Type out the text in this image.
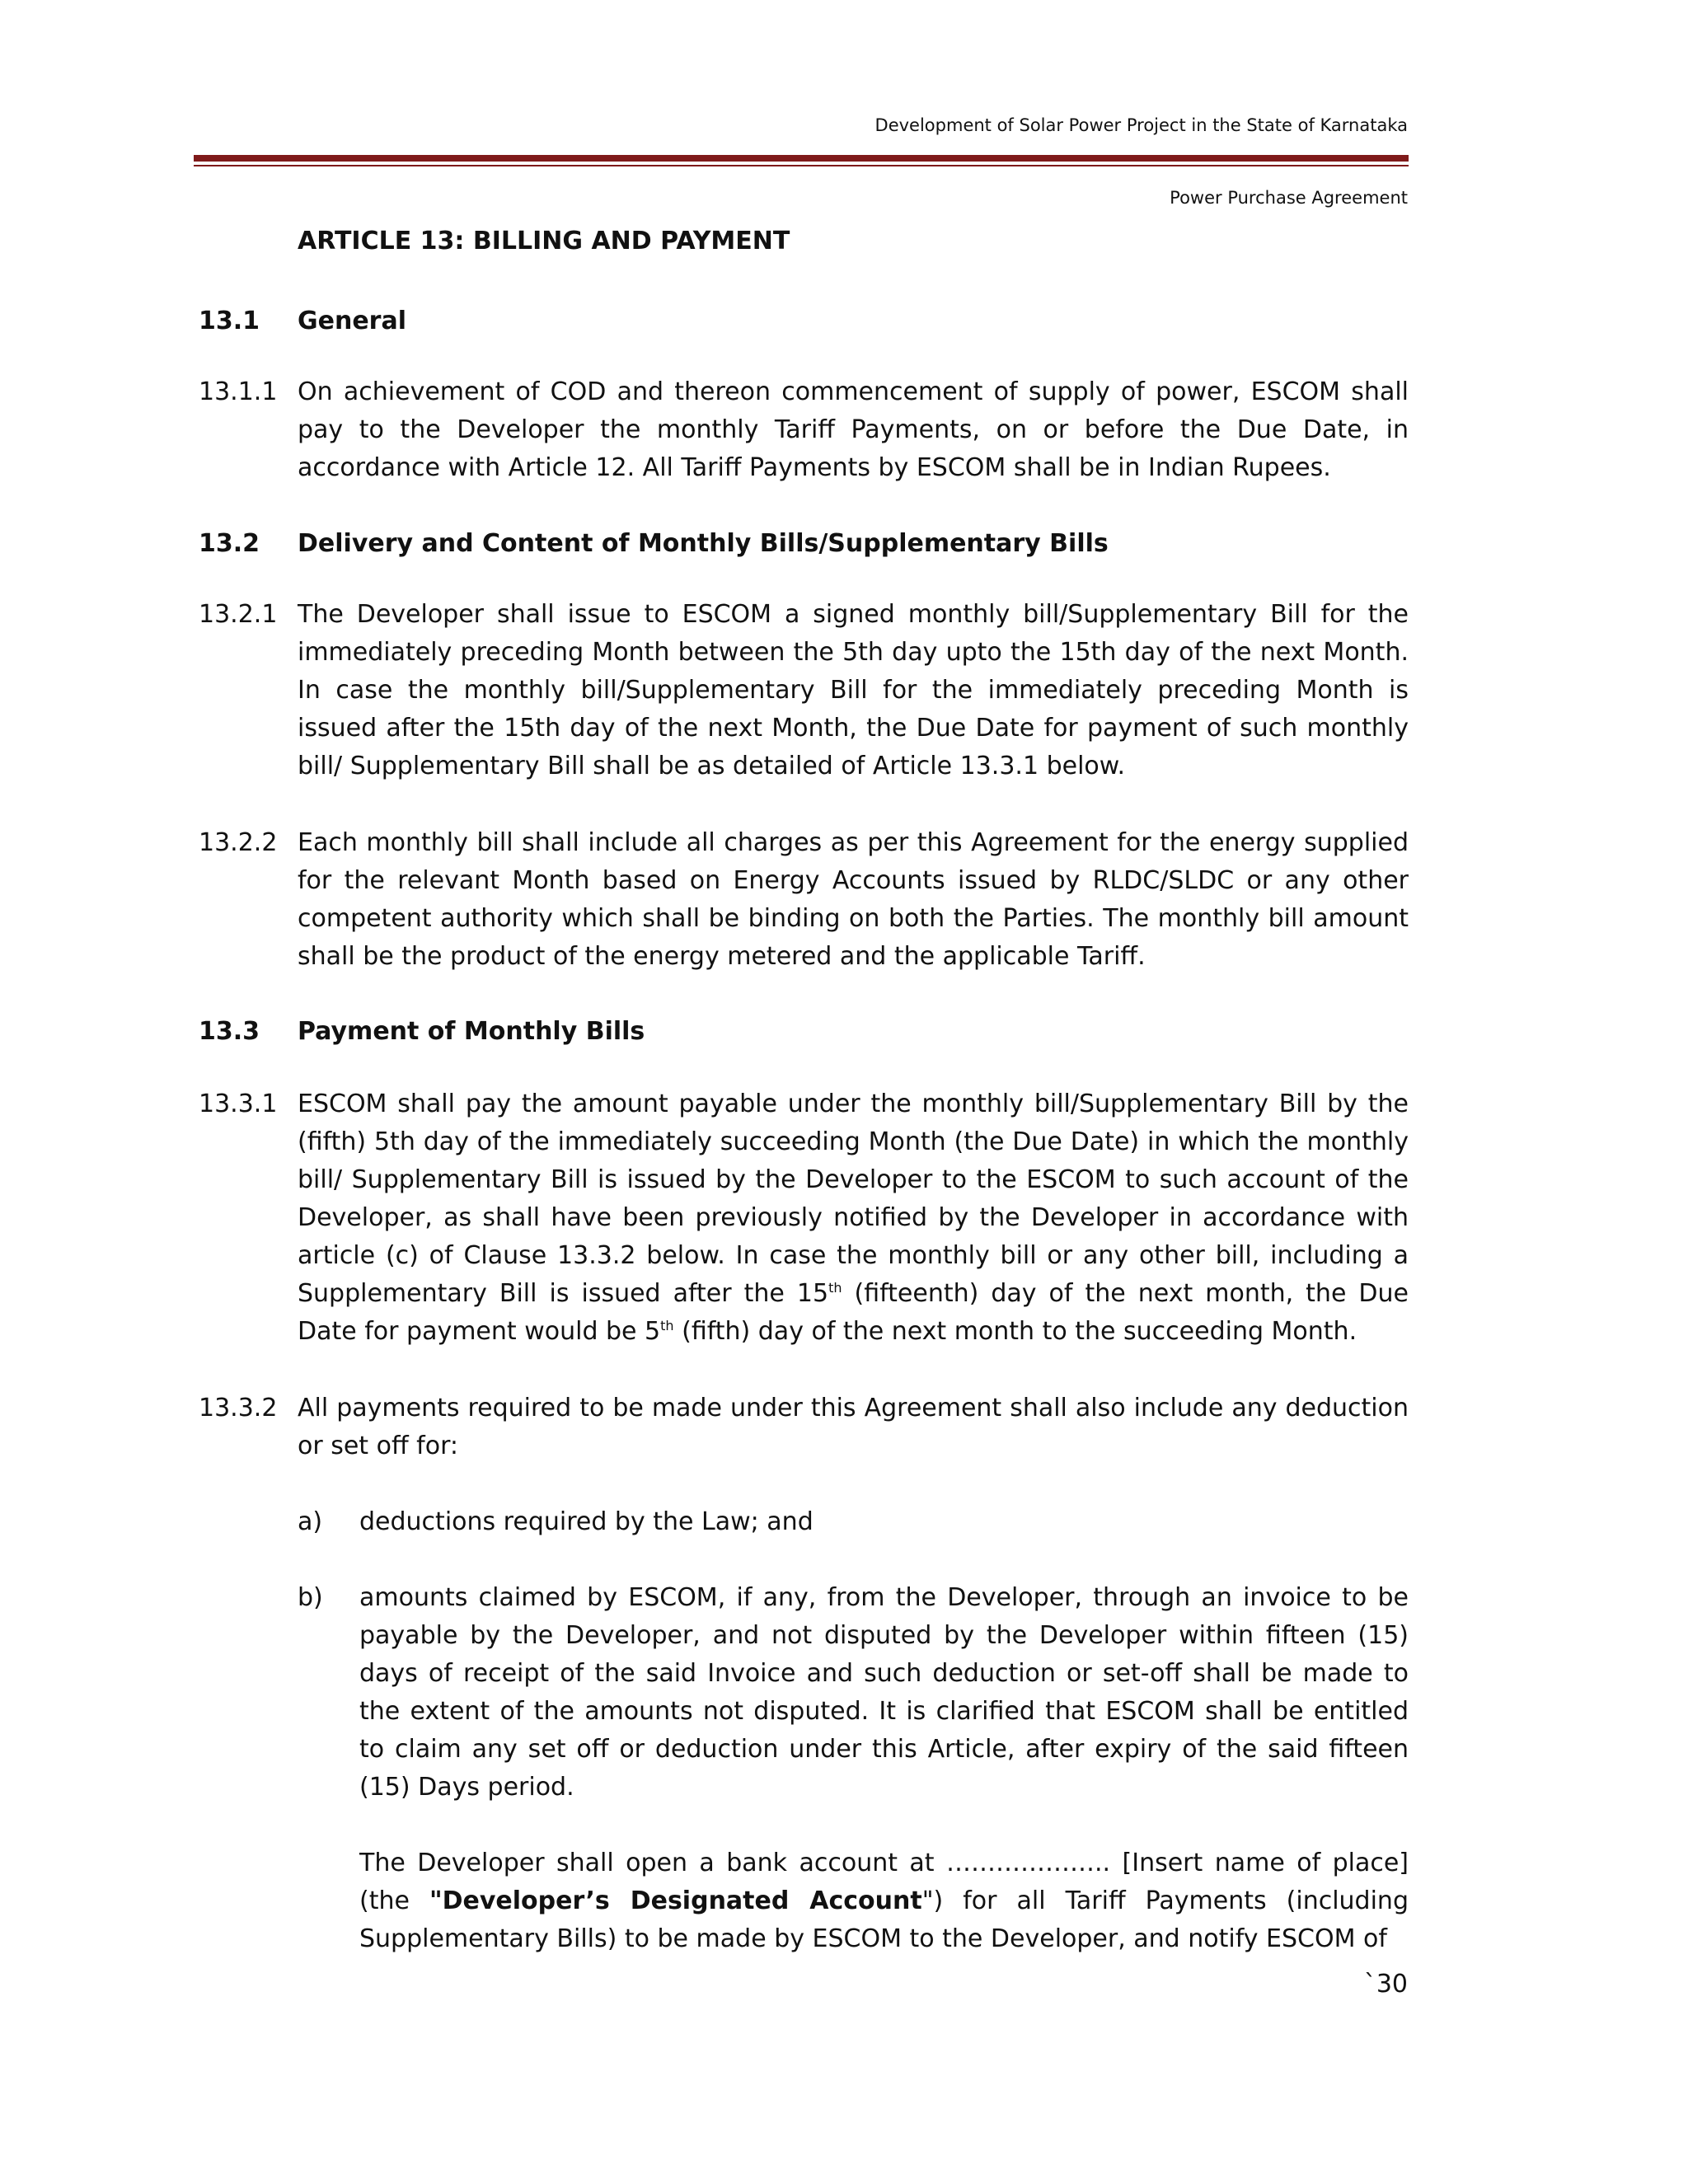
Development of Solar Power Project in the State of Karnataka
Power Purchase Agreement
ARTICLE 13: BILLING AND PAYMENT
13.1 General
13.1.1 On achievement of COD and thereon commencement of supply of power, ESCOM shall pay to the Developer the monthly Tariff Payments, on or before the Due Date, in accordance with Article 12. All Tariff Payments by ESCOM shall be in Indian Rupees.
13.2 Delivery and Content of Monthly Bills/Supplementary Bills
13.2.1 The Developer shall issue to ESCOM a signed monthly bill/Supplementary Bill for the immediately preceding Month between the 5th day upto the 15th day of the next Month. In case the monthly bill/Supplementary Bill for the immediately preceding Month is issued after the 15th day of the next Month, the Due Date for payment of such monthly bill/ Supplementary Bill shall be as detailed of Article 13.3.1 below.
13.2.2 Each monthly bill shall include all charges as per this Agreement for the energy supplied for the relevant Month based on Energy Accounts issued by RLDC/SLDC or any other competent authority which shall be binding on both the Parties. The monthly bill amount shall be the product of the energy metered and the applicable Tariff.
13.3 Payment of Monthly Bills
13.3.1 ESCOM shall pay the amount payable under the monthly bill/Supplementary Bill by the (fifth) 5th day of the immediately succeeding Month (the Due Date) in which the monthly bill/ Supplementary Bill is issued by the Developer to the ESCOM to such account of the Developer, as shall have been previously notified by the Developer in accordance with article (c) of Clause 13.3.2 below. In case the monthly bill or any other bill, including a Supplementary Bill is issued after the 15th (fifteenth) day of the next month, the Due Date for payment would be 5th (fifth) day of the next month to the succeeding Month.
13.3.2 All payments required to be made under this Agreement shall also include any deduction or set off for:
a) deductions required by the Law; and
b) amounts claimed by ESCOM, if any, from the Developer, through an invoice to be payable by the Developer, and not disputed by the Developer within fifteen (15) days of receipt of the said Invoice and such deduction or set-off shall be made to the extent of the amounts not disputed. It is clarified that ESCOM shall be entitled to claim any set off or deduction under this Article, after expiry of the said fifteen (15) Days period.
The Developer shall open a bank account at ……………….. [Insert name of place] (the "Developer’s Designated Account") for all Tariff Payments (including Supplementary Bills) to be made by ESCOM to the Developer, and notify ESCOM of
`30
